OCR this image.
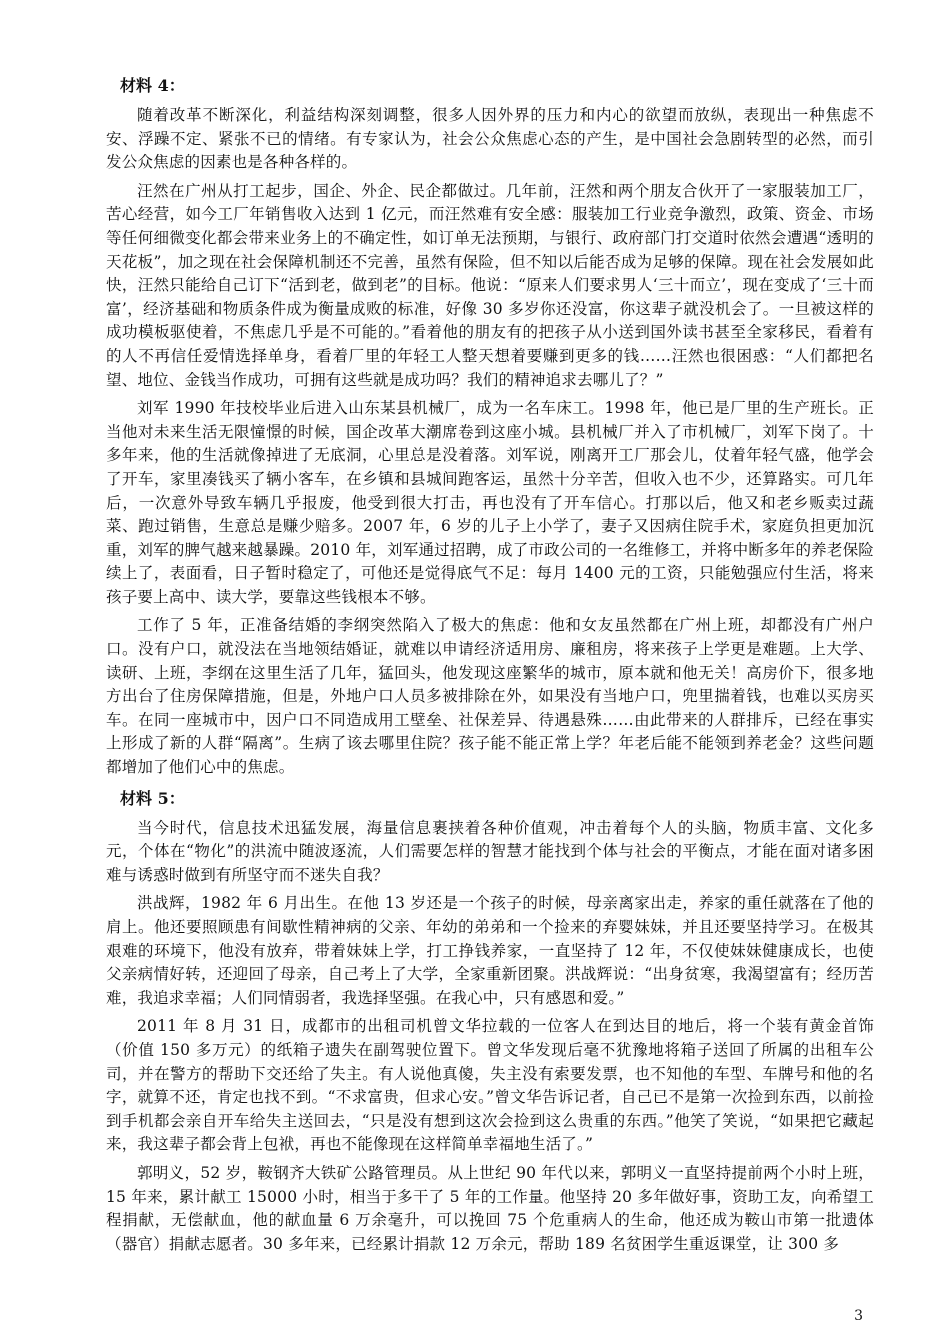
材料 4：

随着改革不断深化，利益结构深刻调整，很多人因外界的压力和内心的欲望而放纵，表现出一种焦虑不安、浮躁不定、紧张不已的情绪。有专家认为，社会公众焦虑心态的产生，是中国社会急剧转型的必然，而引发公众焦虑的因素也是各种各样的。

汪然在广州从打工起步，国企、外企、民企都做过。几年前，汪然和两个朋友合伙开了一家服装加工厂，苦心经营，如今工厂年销售收入达到 1 亿元，而汪然难有安全感：服装加工行业竞争激烈，政策、资金、市场等任何细微变化都会带来业务上的不确定性，如订单无法预期，与银行、政府部门打交道时依然会遭遇“透明的天花板”，加之现在社会保障机制还不完善，虽然有保险，但不知以后能否成为足够的保障。现在社会发展如此快，汪然只能给自己订下“活到老，做到老”的目标。他说：“原来人们要求男人‘三十而立’，现在变成了‘三十而富’，经济基础和物质条件成为衡量成败的标准，好像 30 多岁你还没富，你这辈子就没机会了。一旦被这样的成功模板驱使着，不焦虑几乎是不可能的。”看着他的朋友有的把孩子从小送到国外读书甚至全家移民，看着有的人不再信任爱情选择单身，看着厂里的年轻工人整天想着要赚到更多的钱……汪然也很困惑：“人们都把名望、地位、金钱当作成功，可拥有这些就是成功吗？我们的精神追求去哪儿了？”

刘军 1990 年技校毕业后进入山东某县机械厂，成为一名车床工。1998 年，他已是厂里的生产班长。正当他对未来生活无限憧憬的时候，国企改革大潮席卷到这座小城。县机械厂并入了市机械厂，刘军下岗了。十多年来，他的生活就像掉进了无底洞，心里总是没着落。刘军说，刚离开工厂那会儿，仗着年轻气盛，他学会了开车，家里凑钱买了辆小客车，在乡镇和县城间跑客运，虽然十分辛苦，但收入也不少，还算路实。可几年后，一次意外导致车辆几乎报废，他受到很大打击，再也没有了开车信心。打那以后，他又和老乡贩卖过蔬菜、跑过销售，生意总是赚少赔多。2007 年，6 岁的儿子上小学了，妻子又因病住院手术，家庭负担更加沉重，刘军的脾气越来越暴躁。2010 年，刘军通过招聘，成了市政公司的一名维修工，并将中断多年的养老保险续上了，表面看，日子暂时稳定了，可他还是觉得底气不足：每月 1400 元的工资，只能勉强应付生活，将来孩子要上高中、读大学，要靠这些钱根本不够。

工作了 5 年，正准备结婚的李纲突然陷入了极大的焦虑：他和女友虽然都在广州上班，却都没有广州户口。没有户口，就没法在当地领结婚证，就难以申请经济适用房、廉租房，将来孩子上学更是难题。上大学、读研、上班，李纲在这里生活了几年，猛回头，他发现这座繁华的城市，原本就和他无关！高房价下，很多地方出台了住房保障措施，但是，外地户口人员多被排除在外，如果没有当地户口，兜里揣着钱，也难以买房买车。在同一座城市中，因户口不同造成用工壁垒、社保差异、待遇悬殊……由此带来的人群排斥，已经在事实上形成了新的人群“隔离”。生病了该去哪里住院？孩子能不能正常上学？年老后能不能领到养老金？这些问题都增加了他们心中的焦虑。

材料 5：

当今时代，信息技术迅猛发展，海量信息裹挟着各种价值观，冲击着每个人的头脑，物质丰富、文化多元，个体在“物化”的洪流中随波逐流，人们需要怎样的智慧才能找到个体与社会的平衡点，才能在面对诸多困难与诱惑时做到有所坚守而不迷失自我？

洪战辉，1982 年 6 月出生。在他 13 岁还是一个孩子的时候，母亲离家出走，养家的重任就落在了他的肩上。他还要照顾患有间歇性精神病的父亲、年幼的弟弟和一个捡来的弃婴妹妹，并且还要坚持学习。在极其艰难的环境下，他没有放弃，带着妹妹上学，打工挣钱养家，一直坚持了 12 年，不仅使妹妹健康成长，也使父亲病情好转，还迎回了母亲，自己考上了大学，全家重新团聚。洪战辉说：“出身贫寒，我渴望富有；经历苦难，我追求幸福；人们同情弱者，我选择坚强。在我心中，只有感恩和爱。”

2011 年 8 月 31 日，成都市的出租司机曾文华拉载的一位客人在到达目的地后，将一个装有黄金首饰（价值 150 多万元）的纸箱子遗失在副驾驶位置下。曾文华发现后毫不犹豫地将箱子送回了所属的出租车公司，并在警方的帮助下交还给了失主。有人说他真傻，失主没有索要发票，也不知他的车型、车牌号和他的名字，就算不还，肯定也找不到。“不求富贵，但求心安。”曾文华告诉记者，自己已不是第一次捡到东西，以前捡到手机都会亲自开车给失主送回去，“只是没有想到这次会捡到这么贵重的东西。”他笑了笑说，“如果把它藏起来，我这辈子都会背上包袱，再也不能像现在这样简单幸福地生活了。”

郭明义，52 岁，鞍钢齐大铁矿公路管理员。从上世纪 90 年代以来，郭明义一直坚持提前两个小时上班，15 年来，累计献工 15000 小时，相当于多干了 5 年的工作量。他坚持 20 多年做好事，资助工友，向希望工程捐献，无偿献血，他的献血量 6 万余毫升，可以挽回 75 个危重病人的生命，他还成为鞍山市第一批遗体（器官）捐献志愿者。30 多年来，已经累计捐款 12 万余元，帮助 189 名贫困学生重返课堂，让 300 多

3
